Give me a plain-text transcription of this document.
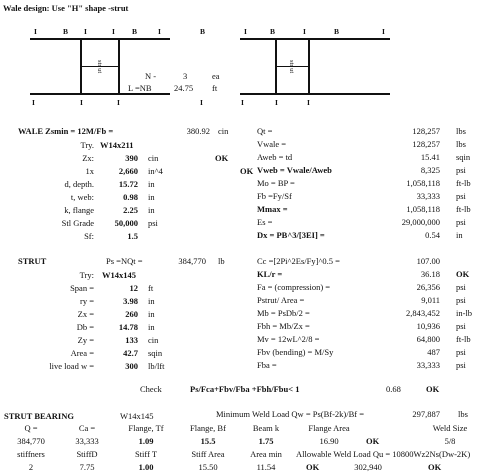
Wale design: Use "H" shape -strut
I	B I	I B	I	B	I	B	I	B	I
I	I	I	I	I	I	I
str ut	str ut
N -	3	ea
L =NB	24.75 ft
WALE Zsmin = 12M/Fb =	380.92 cin
Try. W14x211
Zx:	390 cin	OK
1x	2,660 in^4	OK
d, depth.	15.72 in
t, web:	0.98 in
k, flange	2.25 in
Stl Grade	50,000 psi
Sf:	1.5
Qt =	128,257 lbs
Vwale =	128,257 lbs
Aweb = td	15.41 sqin
Vweb = Vwale/Aweb	8,325 psi
Mo = BP =	1,058,118 ft-lb
Fb =Fy/Sf	33,333 psi
Mmax =	1,058,118 ft-lb
Es =	29,000,000 psi
Dx = PB^3/[3EI] =	0.54 in
STRUT	Ps =NQt =	384,770 lb
Try: W14x145
Span =	12 ft
ry =	3.98 in
Zx =	260 in
Db =	14.78 in
Zy =	133 cin
Area =	42.7 sqin
live load w =	300 lb/lft
Cc =[2Pi^2Es/Fy]^0.5 =	107.00
KL/r =	36.18 OK
Fa = (compression) =	26,356 psi
Pstrut/ Area =	9,011 psi
Mb = PsDb/2 =	2,843,452 in-lb
Fbh = Mb/Zx =	10,936 psi
Mv = 12wL^2/8 =	64,800 ft-lb
Fbv (bending) = M/Sy	487 psi
Fba =	33,333 psi
Check	Ps/Fca+Fbv/Fba +Fbh/Fbu< 1	0.68	OK
STRUT BEARING	W14x145	Minimum Weld Load Qw = Ps(Bf-2k)/Bf =	297,887 lbs
Q =	Ca =	Flange, Tf	Flange, Bf	Beam k	Flange Area	Weld Size
384,770	33,333	1.09	15.5	1.75	16.90	OK	5/8
stiffners	StiffD	Stiff T	Stiff Area	Area min	Allowable Weld Load Qu = 10800Wz2Ns(Dw-2K)
2	7.75	1.00	15.50	11.54	OK	302,940	OK
